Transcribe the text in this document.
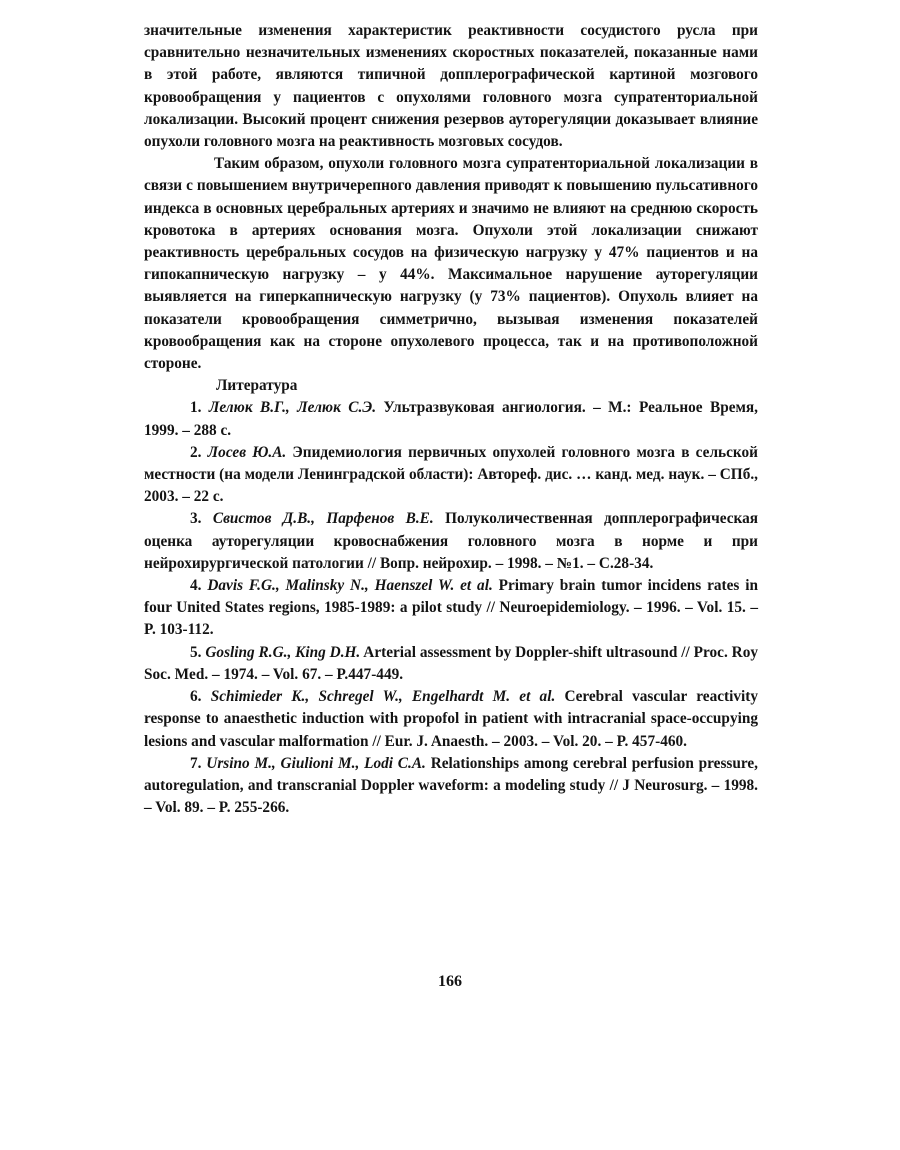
значительные изменения характеристик реактивности сосудистого русла при сравнительно незначительных изменениях скоростных показателей, показанные нами в этой работе, являются типичной допплерографической картиной мозгового кровообращения у пациентов с опухолями головного мозга супратенториальной локализации. Высокий процент снижения резервов ауторегуляции доказывает влияние опухоли головного мозга на реактивность мозговых сосудов.

Таким образом, опухоли головного мозга супратенториальной локализации в связи с повышением внутричерепного давления приводят к повышению пульсативного индекса в основных церебральных артериях и значимо не влияют на среднюю скорость кровотока в артериях основания мозга. Опухоли этой локализации снижают реактивность церебральных сосудов на физическую нагрузку у 47% пациентов и на гипокапническую нагрузку – у 44%. Максимальное нарушение ауторегуляции выявляется на гиперкапническую нагрузку (у 73% пациентов). Опухоль влияет на показатели кровообращения симметрично, вызывая изменения показателей кровообращения как на стороне опухолевого процесса, так и на противоположной стороне.

Литература

1. Лелюк В.Г., Лелюк С.Э. Ультразвуковая ангиология. – М.: Реальное Время, 1999. – 288 с.

2. Лосев Ю.А. Эпидемиология первичных опухолей головного мозга в сельской местности (на модели Ленинградской области): Автореф. дис. … канд. мед. наук. – СПб., 2003. – 22 с.

3. Свистов Д.В., Парфенов В.Е. Полуколичественная допплерографическая оценка ауторегуляции кровоснабжения головного мозга в норме и при нейрохирургической патологии // Вопр. нейрохир. – 1998. – №1. – С.28-34.

4. Davis F.G., Malinsky N., Haenszel W. et al. Primary brain tumor incidens rates in four United States regions, 1985-1989: a pilot study // Neuroepidemiology. – 1996. – Vol. 15. – P. 103-112.

5. Gosling R.G., King D.H. Arterial assessment by Doppler-shift ultrasound // Proc. Roy Soc. Med. – 1974. – Vol. 67. – P.447-449.

6. Schimieder K., Schregel W., Engelhardt M. et al. Cerebral vascular reactivity response to anaesthetic induction with propofol in patient with intracranial space-occupying lesions and vascular malformation // Eur. J. Anaesth. – 2003. – Vol. 20. – P. 457-460.

7. Ursino M., Giulioni M., Lodi C.A. Relationships among cerebral perfusion pressure, autoregulation, and transcranial Doppler waveform: a modeling study // J Neurosurg. – 1998. – Vol. 89. – P. 255-266.

166
